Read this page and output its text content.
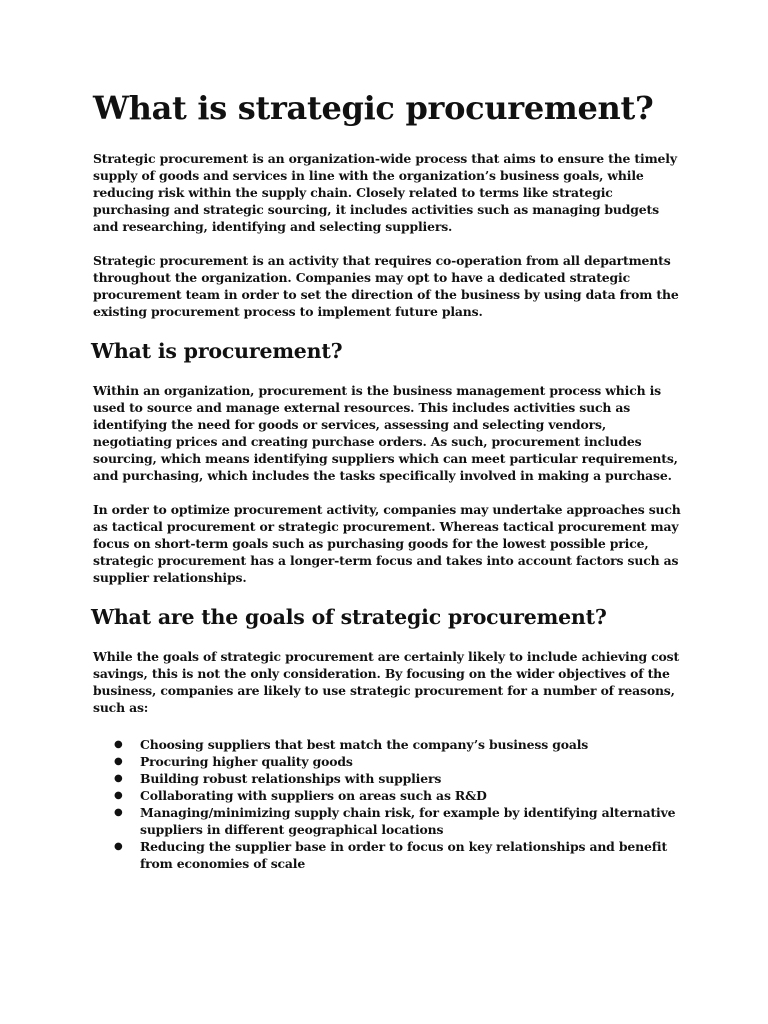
What is strategic procurement?

Strategic procurement is an organization-wide process that aims to ensure the timely supply of goods and services in line with the organization’s business goals, while reducing risk within the supply chain. Closely related to terms like strategic purchasing and strategic sourcing, it includes activities such as managing budgets and researching, identifying and selecting suppliers.

Strategic procurement is an activity that requires co-operation from all departments throughout the organization. Companies may opt to have a dedicated strategic procurement team in order to set the direction of the business by using data from the existing procurement process to implement future plans.

What is procurement?

Within an organization, procurement is the business management process which is used to source and manage external resources. This includes activities such as identifying the need for goods or services, assessing and selecting vendors, negotiating prices and creating purchase orders. As such, procurement includes sourcing, which means identifying suppliers which can meet particular requirements, and purchasing, which includes the tasks specifically involved in making a purchase.

In order to optimize procurement activity, companies may undertake approaches such as tactical procurement or strategic procurement. Whereas tactical procurement may focus on short-term goals such as purchasing goods for the lowest possible price, strategic procurement has a longer-term focus and takes into account factors such as supplier relationships.

What are the goals of strategic procurement?

While the goals of strategic procurement are certainly likely to include achieving cost savings, this is not the only consideration. By focusing on the wider objectives of the business, companies are likely to use strategic procurement for a number of reasons, such as:

● Choosing suppliers that best match the company’s business goals
● Procuring higher quality goods
● Building robust relationships with suppliers
● Collaborating with suppliers on areas such as R&D
● Managing/minimizing supply chain risk, for example by identifying alternative suppliers in different geographical locations
● Reducing the supplier base in order to focus on key relationships and benefit from economies of scale
